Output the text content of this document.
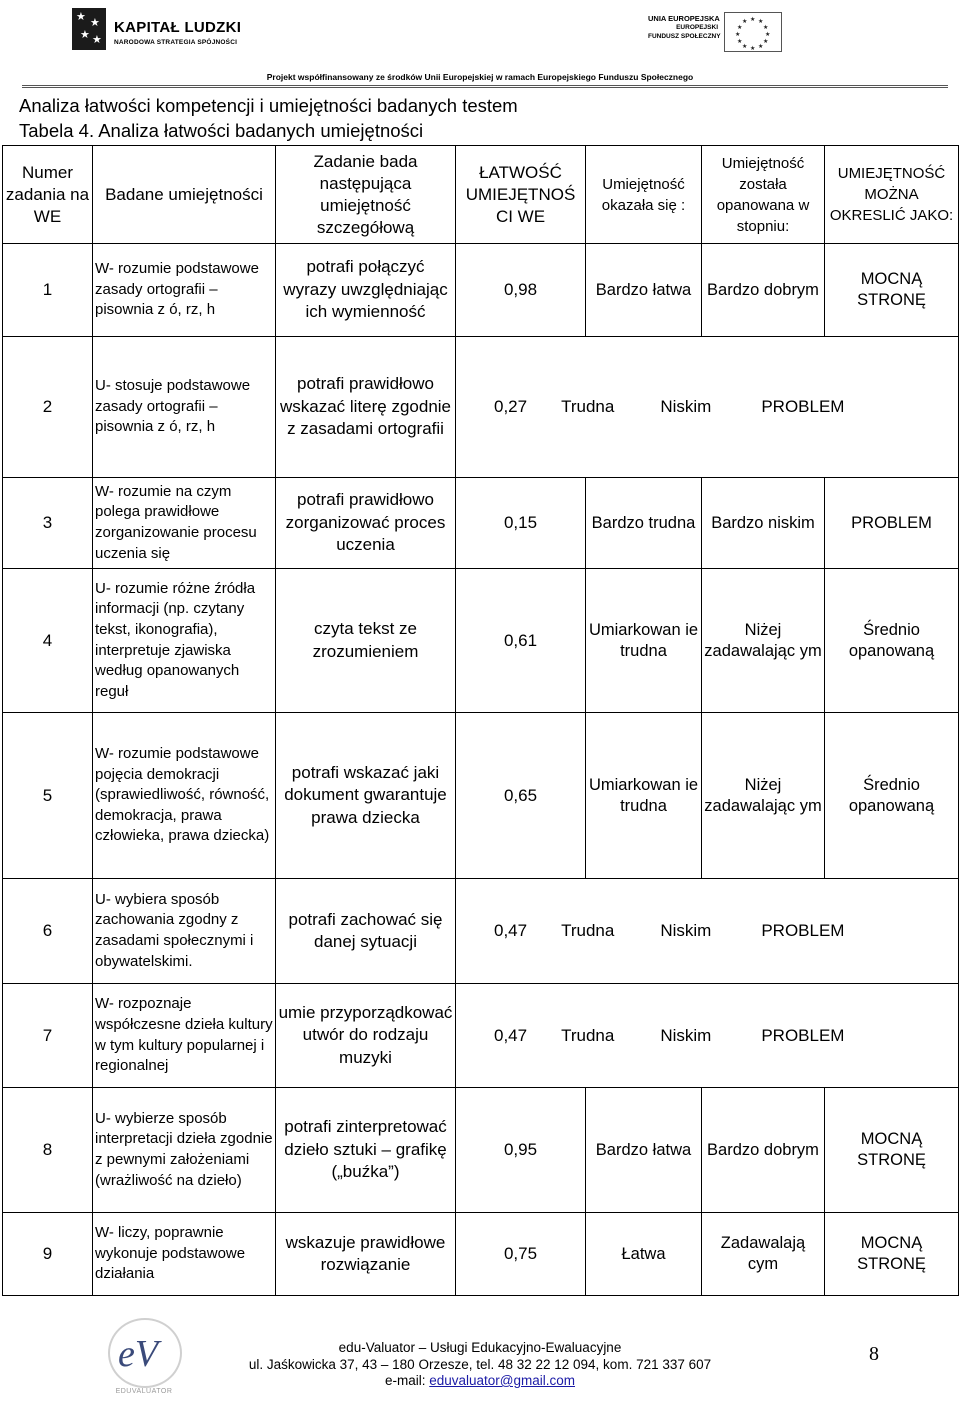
★ ★
★ ★
KAPITAŁ LUDZKI
NARODOWA STRATEGIA SPÓJNOŚCI
UNIA EUROPEJSKA
EUROPEJSKI
FUNDUSZ SPOŁECZNY
★ ★
★
★
★
★
★
★
★
★
★
★
Projekt współfinansowany ze środków Unii Europejskiej w ramach Europejskiego Funduszu Społecznego
Analiza łatwości kompetencji i umiejętności badanych testem
Tabela 4. Analiza łatwości badanych umiejętności
Numer zadania na WE	Badane umiejętności	Zadanie bada następująca umiejętność szczegółową	ŁATWOŚĆ UMIEJĘTNOŚ CI WE	Umiejętność okazała się :	Umiejętność została opanowana w stopniu:	UMIEJĘTNOŚĆ MOŻNA OKRESLIĆ JAKO:
1	W- rozumie podstawowe zasady ortografii –pisownia z ó, rz, h	potrafi połączyć wyrazy uwzględniając ich wymienność	0,98	Bardzo łatwa	Bardzo dobrym	MOCNĄ STRONĘ
2	U- stosuje podstawowe zasady ortografii –pisownia z ó, rz, h	potrafi prawidłowo wskazać literę zgodnie z zasadami ortografii	0,27 Trudna Niskim PROBLEM			
3	W- rozumie na czym polega prawidłowe zorganizowanie procesu uczenia się	potrafi prawidłowo zorganizować proces uczenia	0,15	Bardzo trudna	Bardzo niskim	PROBLEM
4	U- rozumie różne źródła informacji (np. czytany tekst, ikonografia), interpretuje zjawiska według opanowanych reguł	czyta tekst ze zrozumieniem	0,61	Umiarkowan ie trudna	Niżej zadawalając ym	Średnio opanowaną
5	W- rozumie podstawowe pojęcia demokracji (sprawiedliwość, równość, demokracja, prawa człowieka, prawa dziecka)	potrafi wskazać jaki dokument gwarantuje prawa dziecka	0,65	Umiarkowan ie trudna	Niżej zadawalając ym	Średnio opanowaną
6	U- wybiera sposób zachowania zgodny z zasadami społecznymi i obywatelskimi.	potrafi zachować się danej sytuacji	0,47 Trudna Niskim PROBLEM			
7	W- rozpoznaje współczesne dzieła kultury w tym kultury popularnej i regionalnej	umie przyporządkować utwór do rodzaju muzyki	0,47 Trudna Niskim PROBLEM			
8	U- wybierze sposób interpretacji dzieła zgodnie z pewnymi założeniami (wrażliwość na dzieło)	potrafi zinterpretować dzieło sztuki – grafikę („buźka”)	0,95	Bardzo łatwa	Bardzo dobrym	MOCNĄ STRONĘ
9	W- liczy, poprawnie wykonuje podstawowe działania	wskazuje prawidłowe rozwiązanie	0,75	Łatwa	Zadawalają cym	MOCNĄ STRONĘ
eV
EDUVALUATOR
edu-Valuator – Usługi Edukacyjno-Ewaluacyjne
ul. Jaśkowicka 37, 43 – 180 Orzesze, tel. 48 32 22 12 094, kom. 721 337 607
e-mail: eduvaluator@gmail.com
8
